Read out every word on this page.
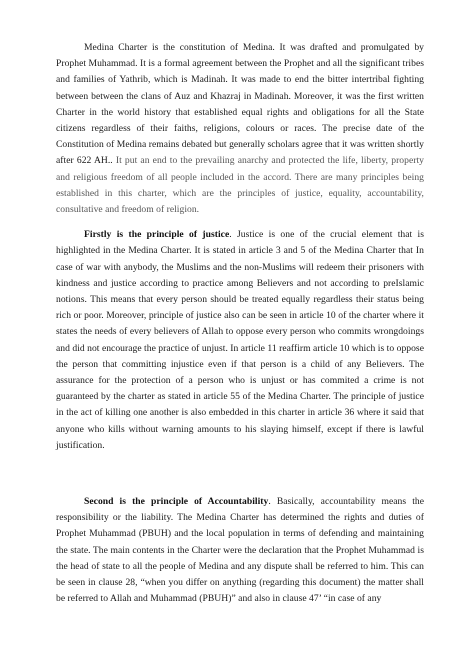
Medina Charter is the constitution of Medina. It was drafted and promulgated by Prophet Muhammad. It is a formal agreement between the Prophet and all the significant tribes and families of Yathrib, which is Madinah. It was made to end the bitter intertribal fighting between between the clans of Auz and Khazraj in Madinah. Moreover, it was the first written Charter in the world history that established equal rights and obligations for all the State citizens regardless of their faiths, religions, colours or races. The precise date of the Constitution of Medina remains debated but generally scholars agree that it was written shortly after 622 AH.. It put an end to the prevailing anarchy and protected the life, liberty, property and religious freedom of all people included in the accord. There are many principles being established in this charter, which are the principles of justice, equality, accountability, consultative and freedom of religion.

Firstly is the principle of justice. Justice is one of the crucial element that is highlighted in the Medina Charter. It is stated in article 3 and 5 of the Medina Charter that In case of war with anybody, the Muslims and the non-Muslims will redeem their prisoners with kindness and justice according to practice among Believers and not according to preIslamic notions. This means that every person should be treated equally regardless their status being rich or poor. Moreover, principle of justice also can be seen in article 10 of the charter where it states the needs of every believers of Allah to oppose every person who commits wrongdoings and did not encourage the practice of unjust. In article 11 reaffirm article 10 which is to oppose the person that committing injustice even if that person is a child of any Believers. The assurance for the protection of a person who is unjust or has commited a crime is not guaranteed by the charter as stated in article 55 of the Medina Charter. The principle of justice in the act of killing one another is also embedded in this charter in article 36 where it said that anyone who kills without warning amounts to his slaying himself, except if there is lawful justification.

Second is the principle of Accountability. Basically, accountability means the responsibility or the liability. The Medina Charter has determined the rights and duties of Prophet Muhammad (PBUH) and the local population in terms of defending and maintaining the state. The main contents in the Charter were the declaration that the Prophet Muhammad is the head of state to all the people of Medina and any dispute shall be referred to him. This can be seen in clause 28, “when you differ on anything (regarding this document) the matter shall be referred to Allah and Muhammad (PBUH)” and also in clause 47’ “in case of any
